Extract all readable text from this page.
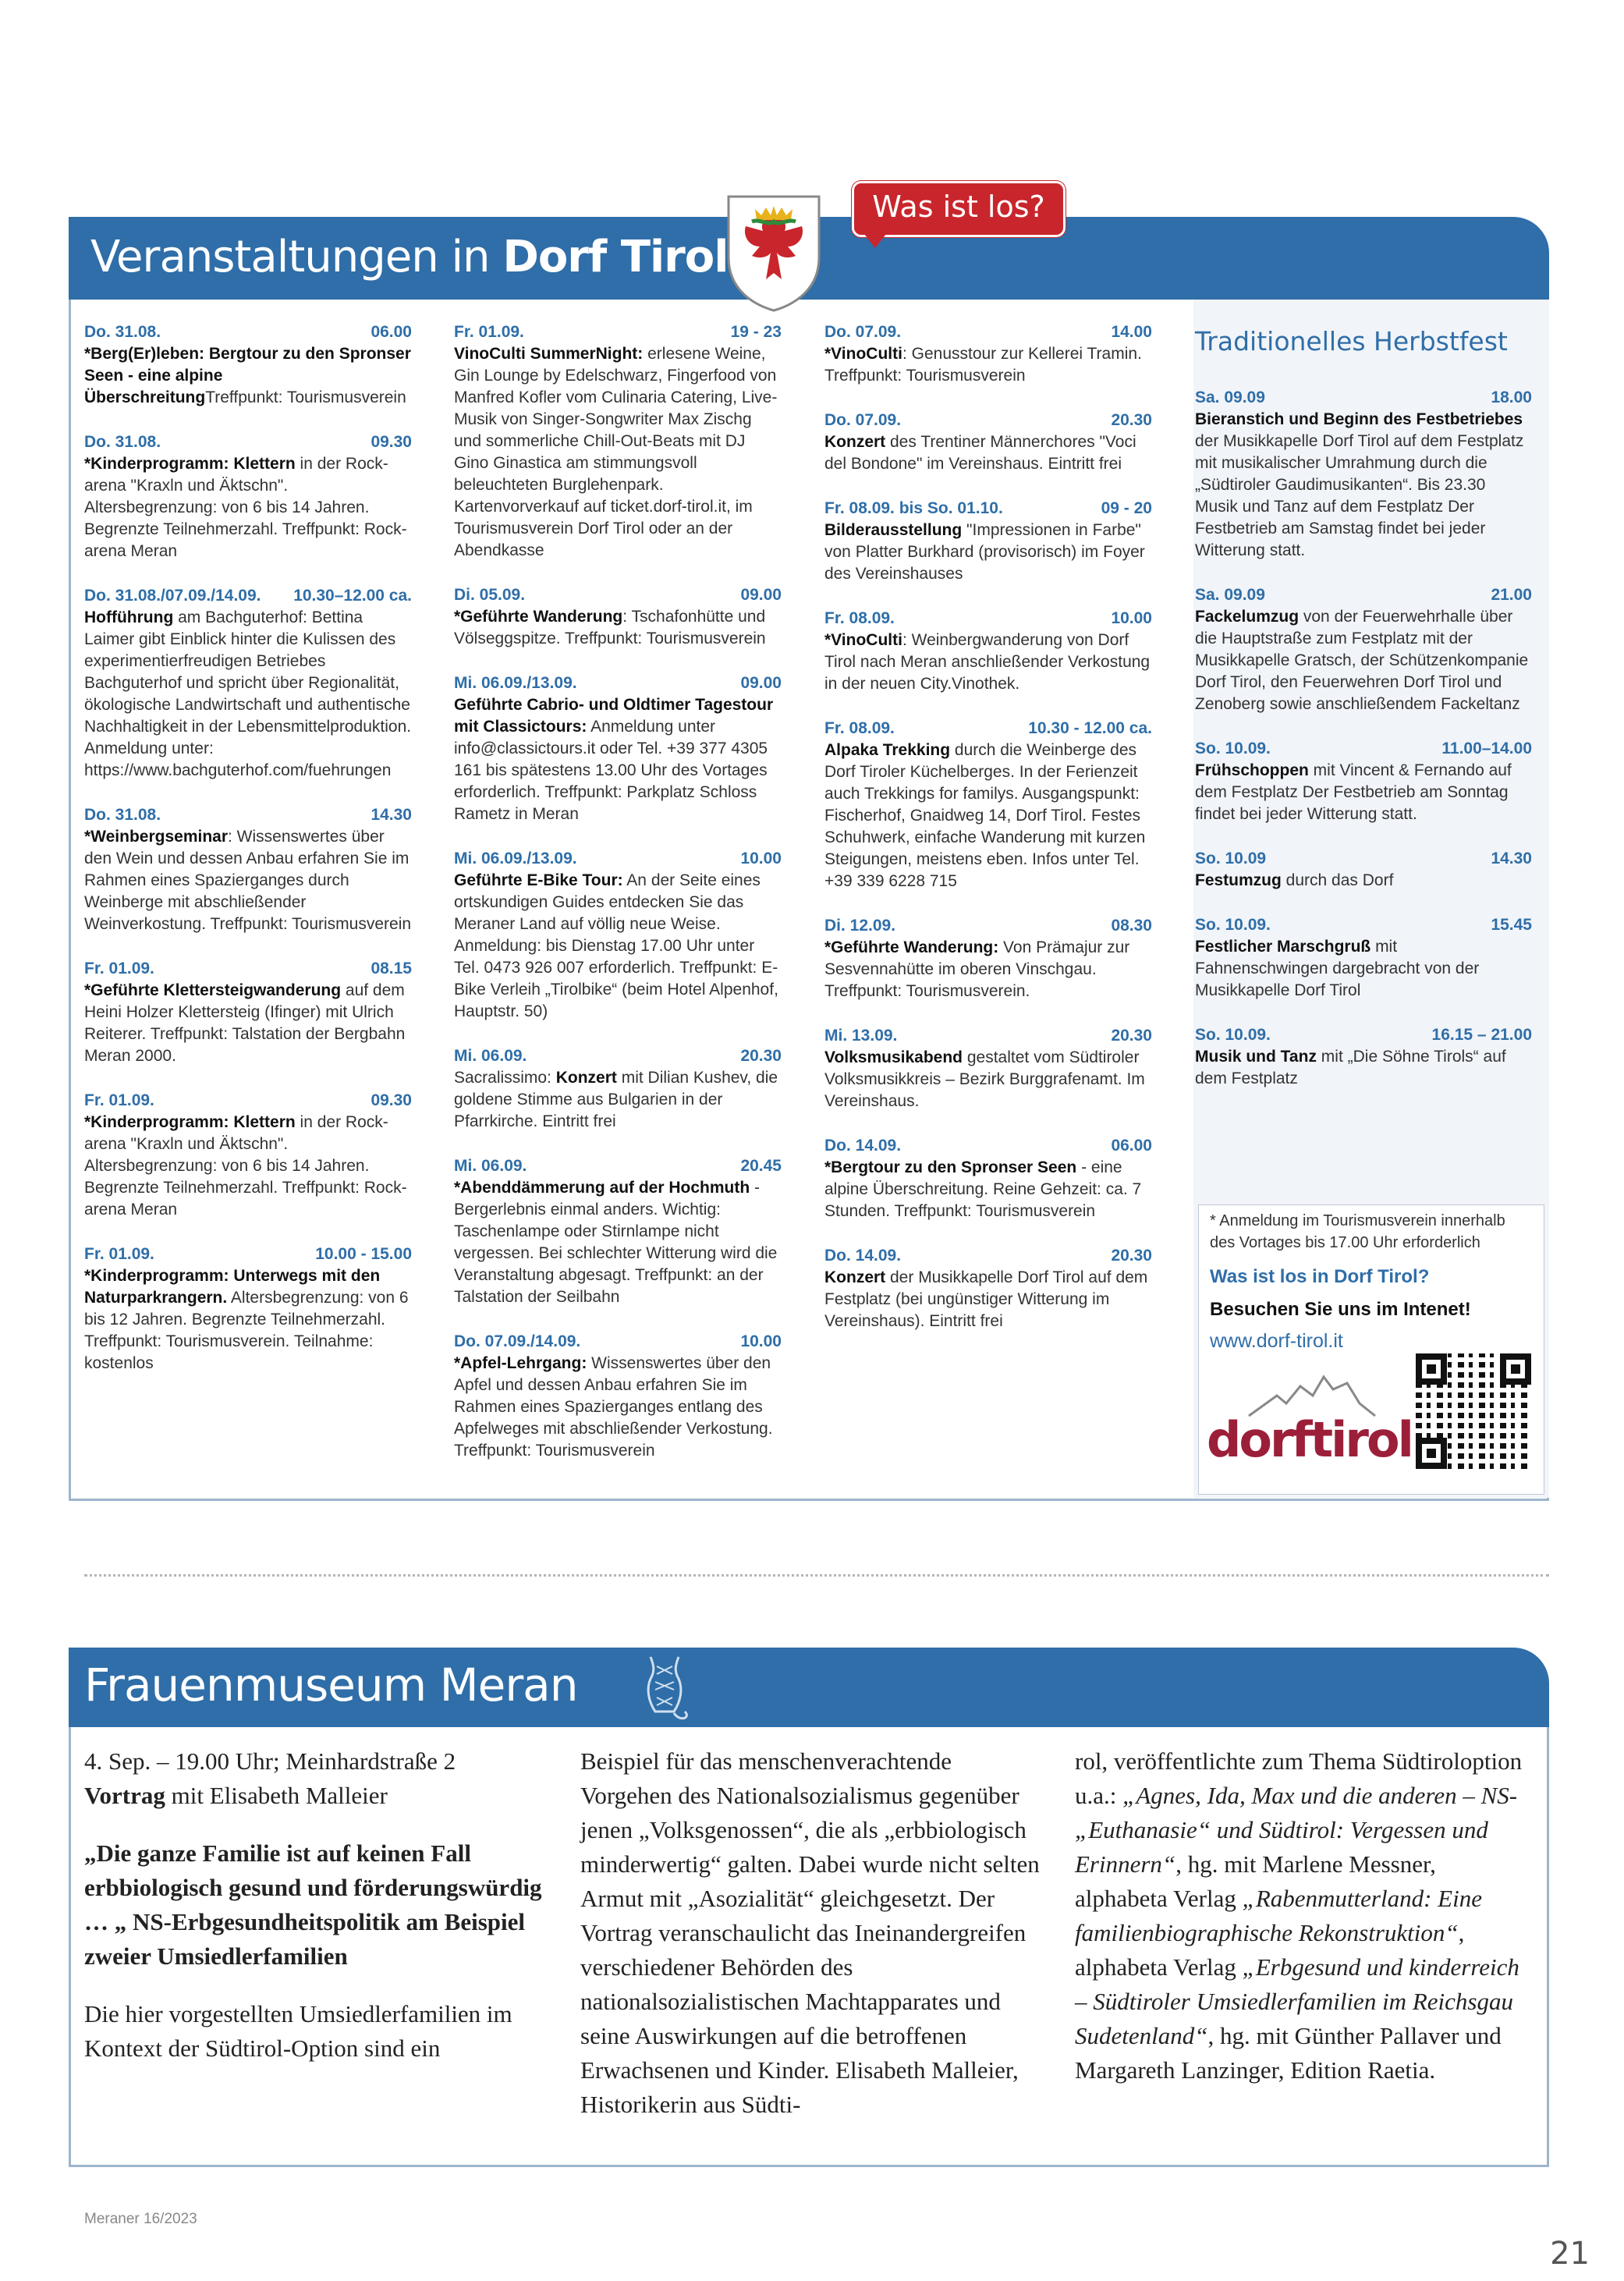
Veranstaltungen in Dorf Tirol
Was ist los?
Do. 31.08.	06.00

*Berg(Er)leben: Bergtour zu den Spronser Seen - eine alpine ÜberschreitungTreffpunkt: Tourismusverein

Do. 31.08.	09.30

*Kinderprogramm: Klettern in der Rock-arena "Kraxln und Äktschn". Altersbegrenzung: von 6 bis 14 Jahren. Begrenzte Teilnehmerzahl. Treffpunkt: Rock-arena Meran

Do. 31.08./07.09./14.09. 10.30–12.00 ca.

Hofführung am Bachguterhof: Bettina Laimer gibt Einblick hinter die Kulissen des experimentierfreudigen Betriebes Bachguterhof und spricht über Regionalität, ökologische Landwirtschaft und authentische Nachhaltigkeit in der Lebensmittelproduktion. Anmeldung unter: https://www.bachguterhof.com/fuehrungen

Do. 31.08.	14.30

*Weinbergseminar: Wissenswertes über den Wein und dessen Anbau erfahren Sie im Rahmen eines Spazierganges durch Weinberge mit abschließender Weinverkostung. Treffpunkt: Tourismusverein

Fr. 01.09.	08.15

*Geführte Klettersteigwanderung auf dem Heini Holzer Klettersteig (Ifinger) mit Ulrich Reiterer. Treffpunkt: Talstation der Bergbahn Meran 2000.

Fr. 01.09.	09.30

*Kinderprogramm: Klettern in der Rock-arena "Kraxln und Äktschn". Altersbegrenzung: von 6 bis 14 Jahren. Begrenzte Teilnehmerzahl. Treffpunkt: Rock-arena Meran

Fr. 01.09.	10.00 - 15.00

*Kinderprogramm: Unterwegs mit den Naturparkrangern. Altersbegrenzung: von 6 bis 12 Jahren. Begrenzte Teilnehmerzahl. Treffpunkt: Tourismusverein. Teilnahme: kostenlos

Fr. 01.09.	19 - 23

VinoCulti SummerNight: erlesene Weine, Gin Lounge by Edelschwarz, Fingerfood von Manfred Kofler vom Culinaria Catering, Live-Musik von Singer-Songwriter Max Zischg und sommerliche Chill-Out-Beats mit DJ Gino Ginastica am stimmungsvoll beleuchteten Burglehenpark. Kartenvorverkauf auf ticket.dorf-tirol.it, im Tourismusverein Dorf Tirol oder an der Abendkasse

Di. 05.09.	09.00

*Geführte Wanderung: Tschafonhütte und Völseggspitze. Treffpunkt: Tourismusverein

Mi. 06.09./13.09.	09.00

Geführte Cabrio- und Oldtimer Tagestour mit Classictours: Anmeldung unter info@classictours.it oder Tel. +39 377 4305 161 bis spätestens 13.00 Uhr des Vortages erforderlich. Treffpunkt: Parkplatz Schloss Rametz in Meran

Mi. 06.09./13.09.	10.00

Geführte E-Bike Tour: An der Seite eines ortskundigen Guides entdecken Sie das Meraner Land auf völlig neue Weise. Anmeldung: bis Dienstag 17.00 Uhr unter Tel. 0473 926 007 erforderlich. Treffpunkt: E-Bike Verleih „Tirolbike“ (beim Hotel Alpenhof, Hauptstr. 50)

Mi. 06.09.	20.30

Sacralissimo: Konzert mit Dilian Kushev, die goldene Stimme aus Bulgarien in der Pfarrkirche. Eintritt frei

Mi. 06.09.	20.45

*Abenddämmerung auf der Hochmuth - Bergerlebnis einmal anders. Wichtig: Taschenlampe oder Stirnlampe nicht vergessen. Bei schlechter Witterung wird die Veranstaltung abgesagt. Treffpunkt: an der Talstation der Seilbahn

Do. 07.09./14.09.	10.00

*Apfel-Lehrgang: Wissenswertes über den Apfel und dessen Anbau erfahren Sie im Rahmen eines Spazierganges entlang des Apfelweges mit abschließender Verkostung. Treffpunkt: Tourismusverein

Do. 07.09.	14.00

*VinoCulti: Genusstour zur Kellerei Tramin. Treffpunkt: Tourismusverein

Do. 07.09.	20.30

Konzert des Trentiner Männerchores "Voci del Bondone" im Vereinshaus. Eintritt frei

Fr. 08.09. bis So. 01.10.	09 - 20

Bilderausstellung "Impressionen in Farbe" von Platter Burkhard (provisorisch) im Foyer des Vereinshauses

Fr. 08.09.	10.00

*VinoCulti: Weinbergwanderung von Dorf Tirol nach Meran anschließender Verkostung in der neuen City.Vinothek.

Fr. 08.09.	10.30 - 12.00 ca.

Alpaka Trekking durch die Weinberge des Dorf Tiroler Küchelberges. In der Ferienzeit auch Trekkings for familys. Ausgangspunkt: Fischerhof, Gnaidweg 14, Dorf Tirol. Festes Schuhwerk, einfache Wanderung mit kurzen Steigungen, meistens eben. Infos unter Tel. +39 339 6228 715

Di. 12.09.	08.30

*Geführte Wanderung: Von Prämajur zur Sesvennahütte im oberen Vinschgau. Treffpunkt: Tourismusverein.

Mi. 13.09.	20.30

Volksmusikabend gestaltet vom Südtiroler Volksmusikkreis – Bezirk Burggrafenamt. Im Vereinshaus.

Do. 14.09.	06.00

*Bergtour zu den Spronser Seen - eine alpine Überschreitung. Reine Gehzeit: ca. 7 Stunden. Treffpunkt: Tourismusverein

Do. 14.09.	20.30

Konzert der Musikkapelle Dorf Tirol auf dem Festplatz (bei ungünstiger Witterung im Vereinshaus). Eintritt frei

Traditionelles Herbstfest
Sa. 09.09	18.00

Bieranstich und Beginn des Festbetriebes der Musikkapelle Dorf Tirol auf dem Festplatz mit musikalischer Umrahmung durch die „Südtiroler Gaudimusikanten“. Bis 23.30 Musik und Tanz auf dem Festplatz Der Festbetrieb am Samstag findet bei jeder Witterung statt.

Sa. 09.09	21.00

Fackelumzug von der Feuerwehrhalle über die Hauptstraße zum Festplatz mit der Musikkapelle Gratsch, der Schützenkompanie Dorf Tirol, den Feuerwehren Dorf Tirol und Zenoberg sowie anschließendem Fackeltanz

So. 10.09.	11.00–14.00

Frühschoppen mit Vincent & Fernando auf dem Festplatz Der Festbetrieb am Sonntag findet bei jeder Witterung statt.

So. 10.09	14.30

Festumzug durch das Dorf

So. 10.09.	15.45

Festlicher Marschgruß mit Fahnenschwingen dargebracht von der Musikkapelle Dorf Tirol

So. 10.09.	16.15 – 21.00

Musik und Tanz mit „Die Söhne Tirols“ auf dem Festplatz

* Anmeldung im Tourismusverein innerhalb des Vortages bis 17.00 Uhr erforderlich
Was ist los in Dorf Tirol?
Besuchen Sie uns im Intenet!
www.dorf-tirol.it
dorftirol
Frauenmuseum Meran

4. Sep. – 19.00 Uhr; Meinhardstraße 2

Vortrag mit Elisabeth Malleier

„Die ganze Familie ist auf keinen Fall erbbiologisch gesund und förderungswürdig … „ NS-Erbgesundheitspolitik am Beispiel zweier Umsiedlerfamilien

Die hier vorgestellten Umsiedlerfamilien im Kontext der Südtirol-Option sind ein

Beispiel für das menschenverachtende Vorgehen des Nationalsozialismus gegenüber jenen „Volksgenossen“, die als „erbbiologisch minderwertig“ galten. Dabei wurde nicht selten Armut mit „Asozialität“ gleichgesetzt. Der Vortrag veranschaulicht das Ineinandergreifen verschiedener Behörden des nationalsozialistischen Machtapparates und seine Auswirkungen auf die betroffenen Erwachsenen und Kinder. Elisabeth Malleier, Historikerin aus Südti-

rol, veröffentlichte zum Thema Südtiroloption u.a.: „Agnes, Ida, Max und die anderen – NS-„Euthanasie“ und Südtirol: Vergessen und Erinnern“, hg. mit Marlene Messner, alphabeta Verlag „Rabenmutterland: Eine familienbiographische Rekonstruktion“, alphabeta Verlag „Erbgesund und kinderreich – Südtiroler Umsiedlerfamilien im Reichsgau Sudetenland“, hg. mit Günther Pallaver und Margareth Lanzinger, Edition Raetia.

Meraner 16/2023
21
